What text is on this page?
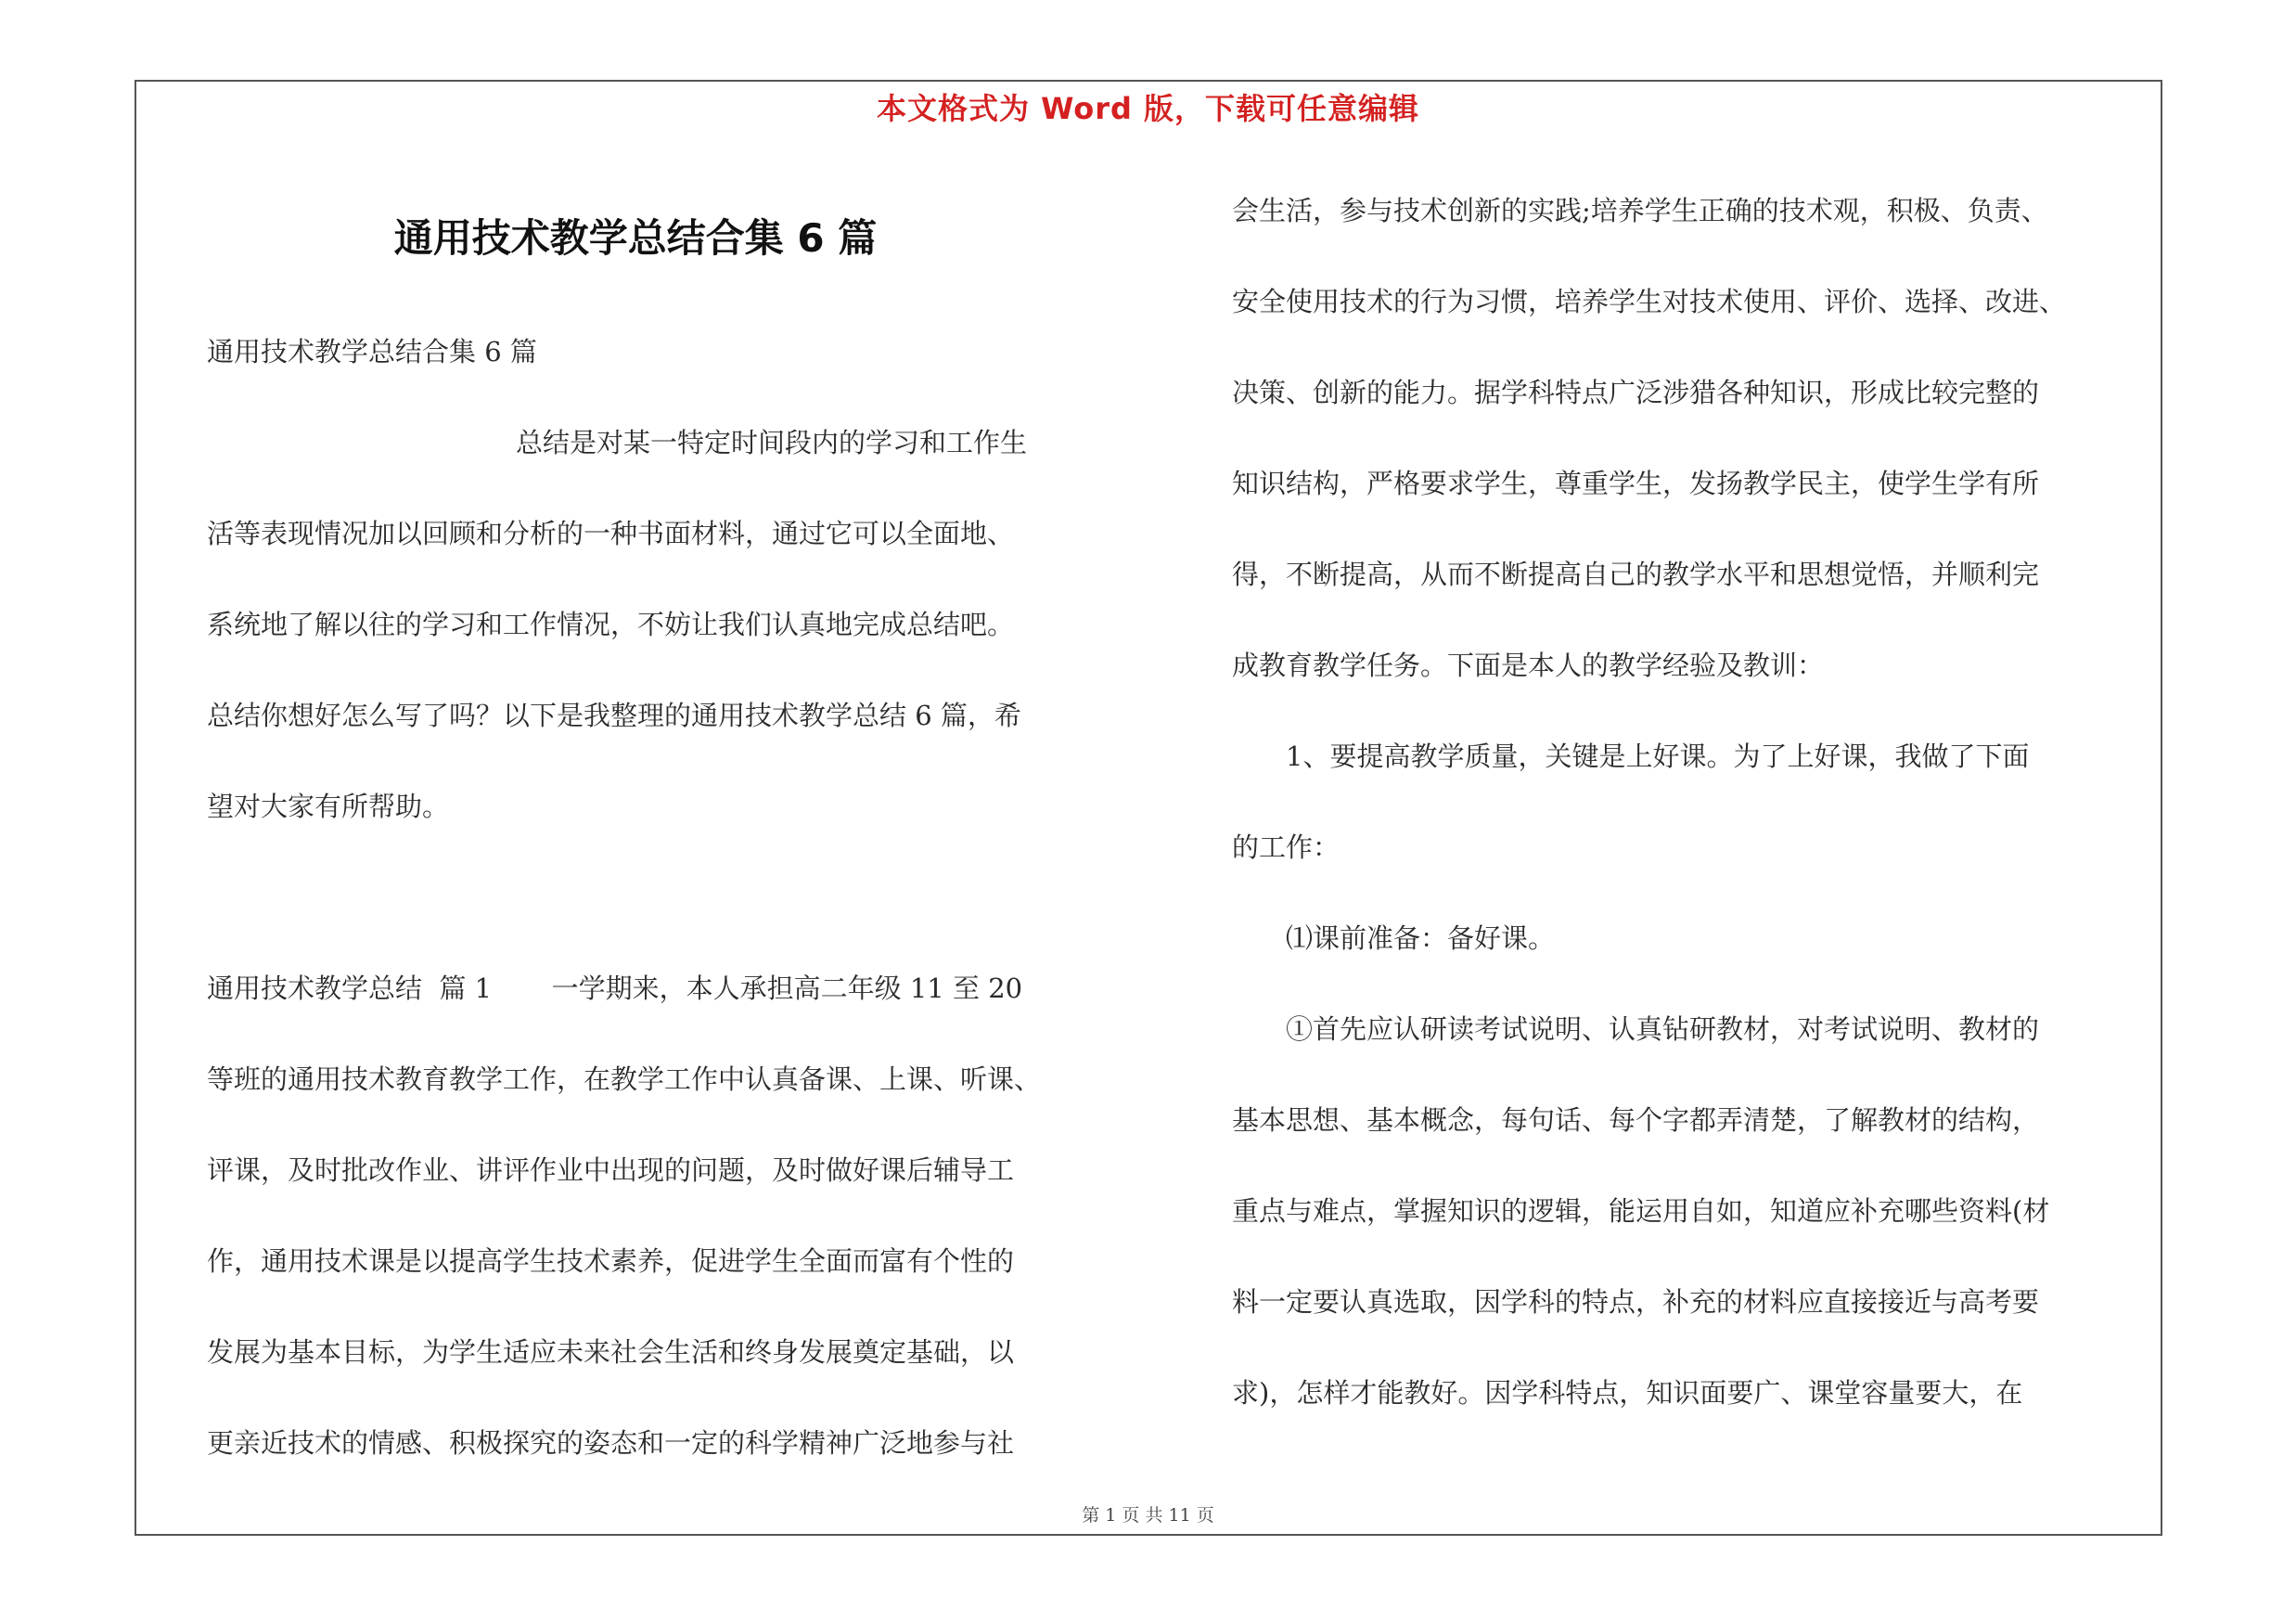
本文格式为 Word 版，下载可任意编辑
通用技术教学总结合集 6 篇

通用技术教学总结合集 6 篇

总结是对某一特定时间段内的学习和工作生

活等表现情况加以回顾和分析的一种书面材料，通过它可以全面地、

系统地了解以往的学习和工作情况，不妨让我们认真地完成总结吧。

总结你想好怎么写了吗？以下是我整理的通用技术教学总结 6 篇，希

望对大家有所帮助。

通用技术教学总结  篇 1       一学期来，本人承担高二年级 11 至 20

等班的通用技术教育教学工作，在教学工作中认真备课、上课、听课、

评课，及时批改作业、讲评作业中出现的问题，及时做好课后辅导工

作，通用技术课是以提高学生技术素养，促进学生全面而富有个性的

发展为基本目标，为学生适应未来社会生活和终身发展奠定基础，以

更亲近技术的情感、积极探究的姿态和一定的科学精神广泛地参与社

会生活，参与技术创新的实践;培养学生正确的技术观，积极、负责、

安全使用技术的行为习惯，培养学生对技术使用、评价、选择、改进、

决策、创新的能力。据学科特点广泛涉猎各种知识，形成比较完整的

知识结构，严格要求学生，尊重学生，发扬教学民主，使学生学有所

得，不断提高，从而不断提高自己的教学水平和思想觉悟，并顺利完

成教育教学任务。下面是本人的教学经验及教训：

1、要提高教学质量，关键是上好课。为了上好课，我做了下面

的工作：

⑴课前准备：备好课。

①首先应认研读考试说明、认真钻研教材，对考试说明、教材的

基本思想、基本概念，每句话、每个字都弄清楚，了解教材的结构，

重点与难点，掌握知识的逻辑，能运用自如，知道应补充哪些资料(材

料一定要认真选取，因学科的特点，补充的材料应直接接近与高考要

求)，怎样才能教好。因学科特点，知识面要广、课堂容量要大，在

第 1 页 共 11 页
